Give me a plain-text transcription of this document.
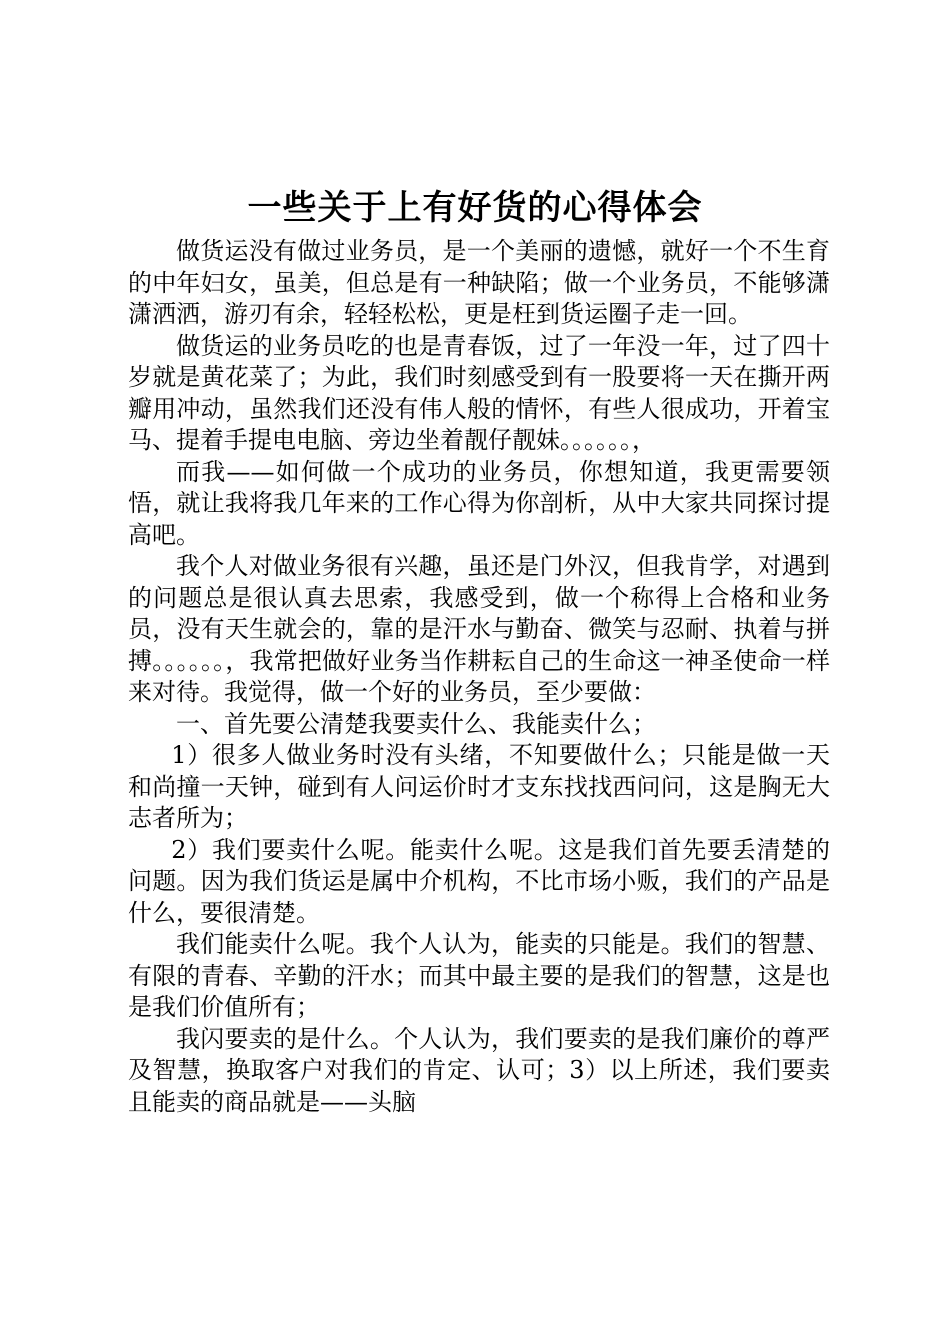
一些关于上有好货的心得体会

做货运没有做过业务员，是一个美丽的遗憾，就好一个不生育的中年妇女，虽美，但总是有一种缺陷；做一个业务员，不能够潇潇洒洒，游刃有余，轻轻松松，更是枉到货运圈子走一回。

做货运的业务员吃的也是青春饭，过了一年没一年，过了四十岁就是黄花菜了；为此，我们时刻感受到有一股要将一天在撕开两瓣用冲动，虽然我们还没有伟人般的情怀，有些人很成功，开着宝马、提着手提电电脑、旁边坐着靓仔靓妹。。。。。。，

而我——如何做一个成功的业务员，你想知道，我更需要领悟，就让我将我几年来的工作心得为你剖析，从中大家共同探讨提高吧。

我个人对做业务很有兴趣，虽还是门外汉，但我肯学，对遇到的问题总是很认真去思索，我感受到，做一个称得上合格和业务员，没有天生就会的，靠的是汗水与勤奋、微笑与忍耐、执着与拼搏。。。。。。，我常把做好业务当作耕耘自己的生命这一神圣使命一样来对待。我觉得，做一个好的业务员，至少要做：

一、首先要公清楚我要卖什么、我能卖什么；

1）很多人做业务时没有头绪，不知要做什么；只能是做一天和尚撞一天钟，碰到有人问运价时才支东找找西问问，这是胸无大志者所为；

2）我们要卖什么呢。能卖什么呢。这是我们首先要丢清楚的问题。因为我们货运是属中介机构，不比市场小贩，我们的产品是什么，要很清楚。

我们能卖什么呢。我个人认为，能卖的只能是。我们的智慧、有限的青春、辛勤的汗水；而其中最主要的是我们的智慧，这是也是我们价值所有；

我闪要卖的是什么。个人认为，我们要卖的是我们廉价的尊严及智慧，换取客户对我们的肯定、认可；3）以上所述，我们要卖且能卖的商品就是——头脑
